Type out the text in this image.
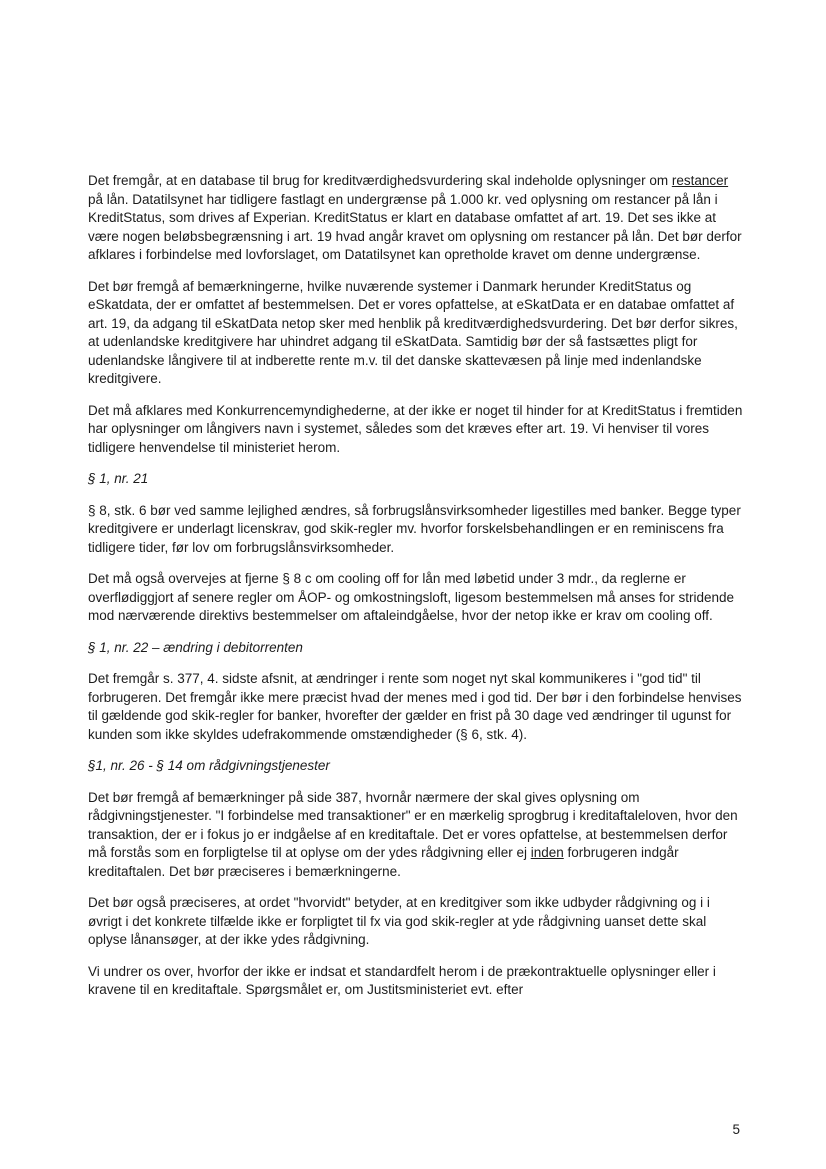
Det fremgår, at en database til brug for kreditværdighedsvurdering skal indeholde oplysninger om restancer på lån. Datatilsynet har tidligere fastlagt en undergrænse på 1.000 kr. ved oplysning om restancer på lån i KreditStatus, som drives af Experian. KreditStatus er klart en database omfattet af art. 19. Det ses ikke at være nogen beløbsbegrænsning i art. 19 hvad angår kravet om oplysning om restancer på lån. Det bør derfor afklares i forbindelse med lovforslaget, om Datatilsynet kan opretholde kravet om denne undergrænse.

Det bør fremgå af bemærkningerne, hvilke nuværende systemer i Danmark herunder KreditStatus og eSkatdata, der er omfattet af bestemmelsen. Det er vores opfattelse, at eSkatData er en databae omfattet af art. 19, da adgang til eSkatData netop sker med henblik på kreditværdighedsvurdering. Det bør derfor sikres, at udenlandske kreditgivere har uhindret adgang til eSkatData. Samtidig bør der så fastsættes pligt for udenlandske långivere til at indberette rente m.v. til det danske skattevæsen på linje med indenlandske kreditgivere.

Det må afklares med Konkurrencemyndighederne, at der ikke er noget til hinder for at KreditStatus i fremtiden har oplysninger om långivers navn i systemet, således som det kræves efter art. 19. Vi henviser til vores tidligere henvendelse til ministeriet herom.

§ 1, nr. 21

§ 8, stk. 6 bør ved samme lejlighed ændres, så forbrugslånsvirksomheder ligestilles med banker. Begge typer kreditgivere er underlagt licenskrav, god skik-regler mv. hvorfor forskelsbehandlingen er en reminiscens fra tidligere tider, før lov om forbrugslånsvirksomheder.

Det må også overvejes at fjerne § 8 c om cooling off for lån med løbetid under 3 mdr., da reglerne er overflødiggjort af senere regler om ÅOP- og omkostningsloft, ligesom bestemmelsen må anses for stridende mod nærværende direktivs bestemmelser om aftaleindgåelse, hvor der netop ikke er krav om cooling off.

§ 1, nr. 22 – ændring i debitorrenten

Det fremgår s. 377, 4. sidste afsnit, at ændringer i rente som noget nyt skal kommunikeres i "god tid" til forbrugeren. Det fremgår ikke mere præcist hvad der menes med i god tid. Der bør i den forbindelse henvises til gældende god skik-regler for banker, hvorefter der gælder en frist på 30 dage ved ændringer til ugunst for kunden som ikke skyldes udefrakommende omstændigheder (§ 6, stk. 4).

§1, nr. 26 - § 14 om rådgivningstjenester

Det bør fremgå af bemærkninger på side 387, hvornår nærmere der skal gives oplysning om rådgivningstjenester. "I forbindelse med transaktioner" er en mærkelig sprogbrug i kreditaftaleloven, hvor den transaktion, der er i fokus jo er indgåelse af en kreditaftale. Det er vores opfattelse, at bestemmelsen derfor må forstås som en forpligtelse til at oplyse om der ydes rådgivning eller ej inden forbrugeren indgår kreditaftalen. Det bør præciseres i bemærkningerne.

Det bør også præciseres, at ordet "hvorvidt" betyder, at en kreditgiver som ikke udbyder rådgivning og i i øvrigt i det konkrete tilfælde ikke er forpligtet til fx via god skik-regler at yde rådgivning uanset dette skal oplyse lånansøger, at der ikke ydes rådgivning.

Vi undrer os over, hvorfor der ikke er indsat et standardfelt herom i de prækontraktuelle oplysninger eller i kravene til en kreditaftale. Spørgsmålet er, om Justitsministeriet evt. efter

5
